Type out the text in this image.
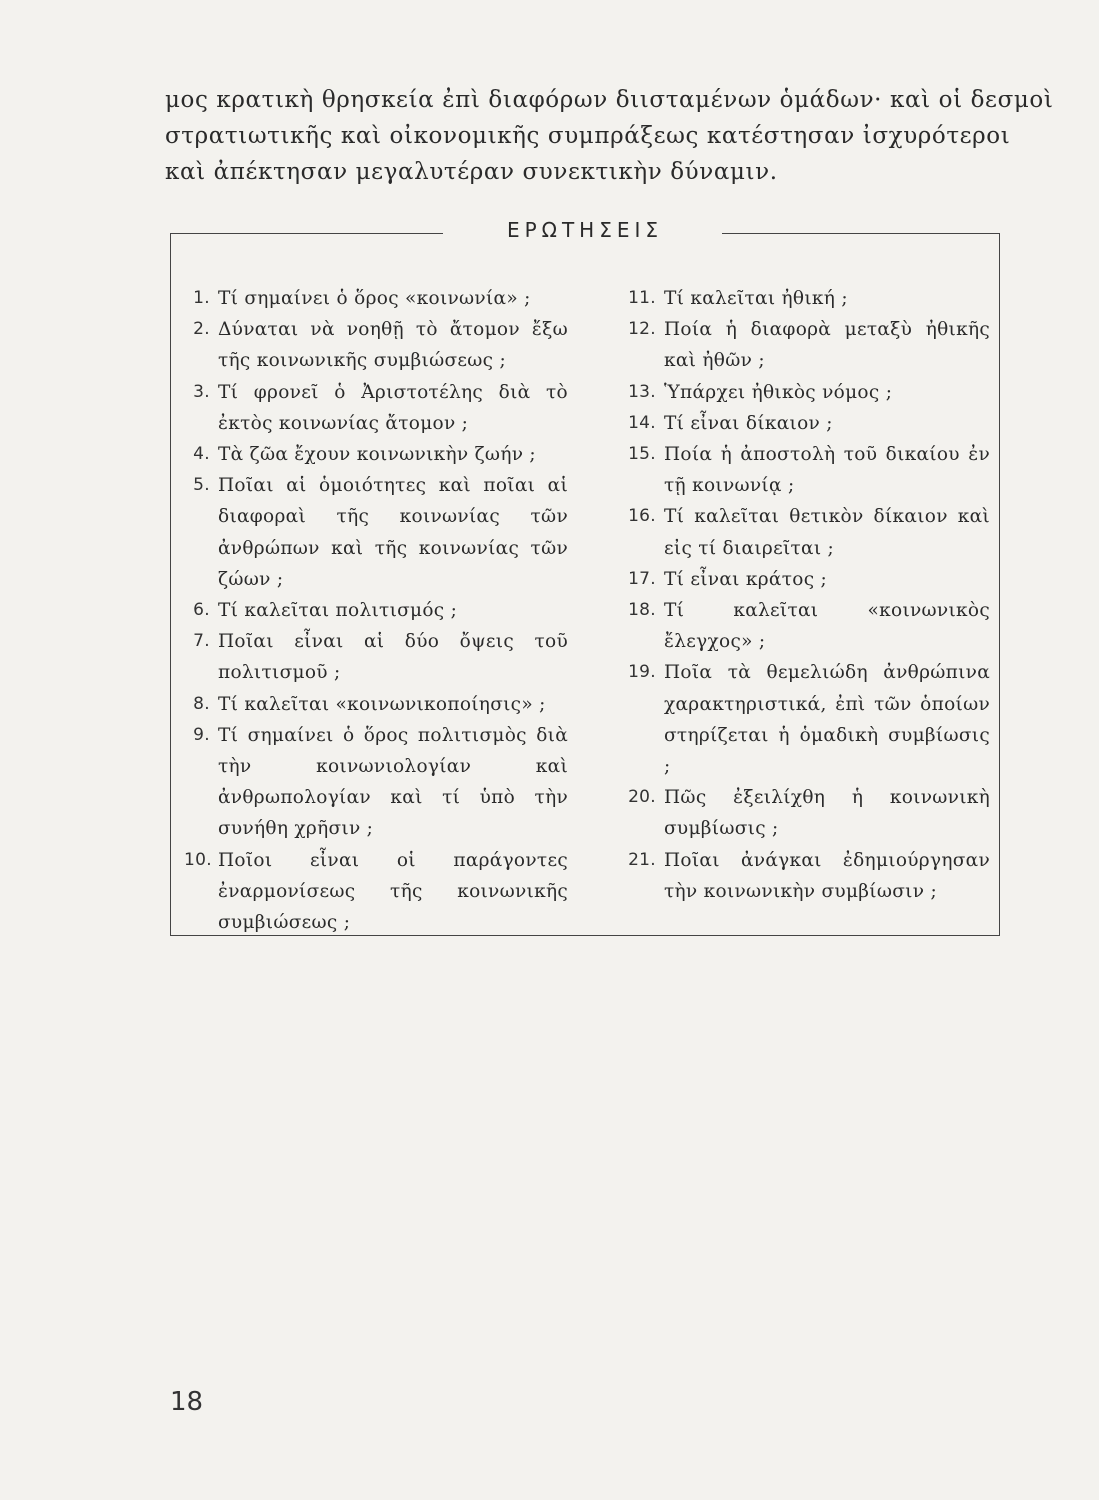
μος κρατικὴ θρησκεία ἐπὶ διαφόρων διισταμένων ὁμάδων· καὶ οἱ δεσμοὶ
στρατιωτικῆς καὶ οἰκονομικῆς συμπράξεως κατέστησαν ἰσχυρότεροι
καὶ ἀπέκτησαν μεγαλυτέραν συνεκτικὴν δύναμιν.
ΕΡΩΤΗΣΕΙΣ
1. Τί σημαίνει ὁ ὅρος «κοινωνία» ;
2. Δύναται νὰ νοηθῇ τὸ ἄτομον ἔξω τῆς κοινωνικῆς συμβιώσεως ;
3. Τί φρονεῖ ὁ Ἀριστοτέλης διὰ τὸ ἐκτὸς κοινωνίας ἄτομον ;
4. Τὰ ζῶα ἔχουν κοινωνικὴν ζωήν ;
5. Ποῖαι αἱ ὁμοιότητες καὶ ποῖαι αἱ διαφοραὶ τῆς κοινωνίας τῶν ἀνθρώπων καὶ τῆς κοινωνίας τῶν ζώων ;
6. Τί καλεῖται πολιτισμός ;
7. Ποῖαι εἶναι αἱ δύο ὄψεις τοῦ πολιτισμοῦ ;
8. Τί καλεῖται «κοινωνικοποίησις» ;
9. Τί σημαίνει ὁ ὅρος πολιτισμὸς διὰ τὴν κοινωνιολογίαν καὶ ἀνθρωπολογίαν καὶ τί ὑπὸ τὴν συνήθη χρῆσιν ;
10. Ποῖοι εἶναι οἱ παράγοντες ἐναρμονίσεως τῆς κοινωνικῆς συμβιώσεως ;
11. Τί καλεῖται ἠθική ;
12. Ποία ἡ διαφορὰ μεταξὺ ἠθικῆς καὶ ἠθῶν ;
13. Ὑπάρχει ἠθικὸς νόμος ;
14. Τί εἶναι δίκαιον ;
15. Ποία ἡ ἀποστολὴ τοῦ δικαίου ἐν τῇ κοινωνίᾳ ;
16. Τί καλεῖται θετικὸν δίκαιον καὶ εἰς τί διαιρεῖται ;
17. Τί εἶναι κράτος ;
18. Τί καλεῖται «κοινωνικὸς ἔλεγχος» ;
19. Ποῖα τὰ θεμελιώδη ἀνθρώπινα χαρακτηριστικά, ἐπὶ τῶν ὁποίων στηρίζεται ἡ ὁμαδικὴ συμβίωσις ;
20. Πῶς ἐξειλίχθη ἡ κοινωνικὴ συμβίωσις ;
21. Ποῖαι ἀνάγκαι ἐδημιούργησαν τὴν κοινωνικὴν συμβίωσιν ;
18
